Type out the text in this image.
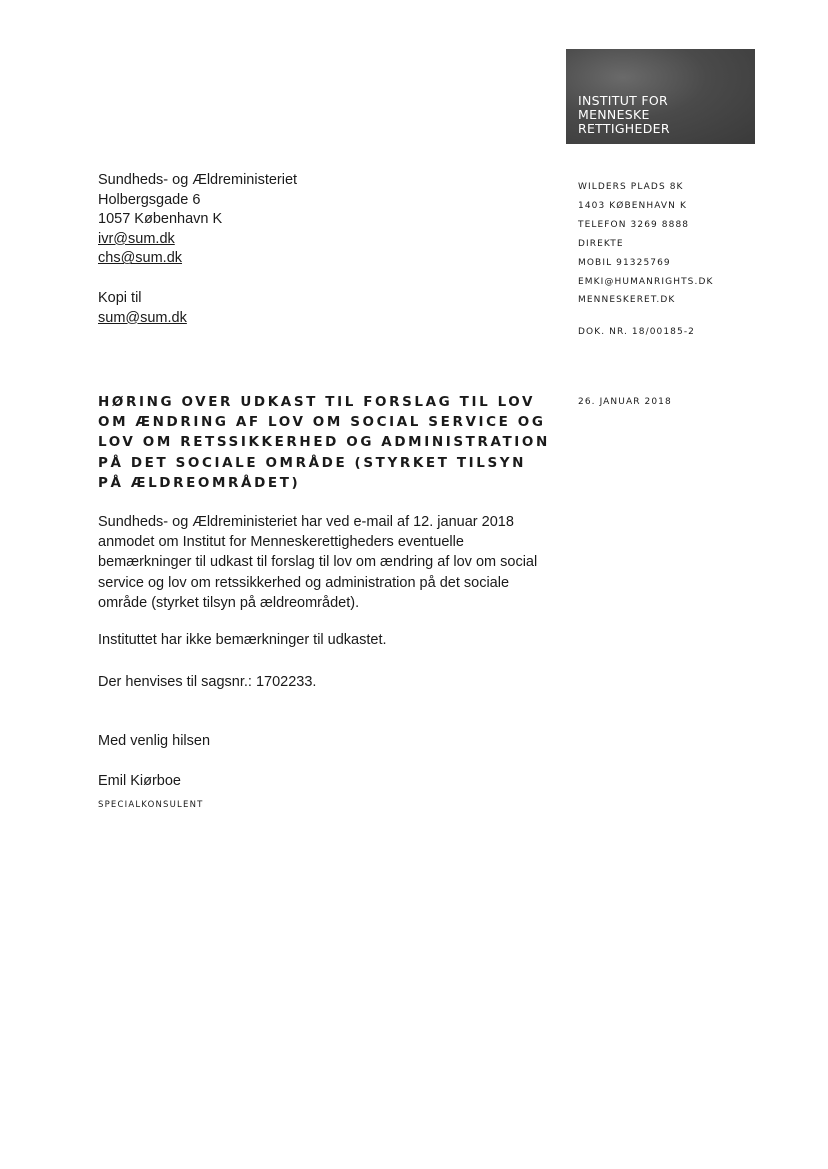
INSTITUT FOR
MENNESKE
RETTIGHEDER
Sundheds- og Ældreministeriet
Holbergsgade 6
1057 København K
ivr@sum.dk
chs@sum.dk
Kopi til
sum@sum.dk
WILDERS PLADS 8K
1403 KØBENHAVN K
TELEFON 3269 8888
DIREKTE
MOBIL 91325769
EMKI@HUMANRIGHTS.DK
MENNESKERET.DK
DOK. NR. 18/00185-2
26. JANUAR 2018
HØRING OVER UDKAST TIL FORSLAG TIL LOV OM ÆNDRING AF LOV OM SOCIAL SERVICE OG LOV OM RETSSIKKERHED OG ADMINISTRATION PÅ DET SOCIALE OMRÅDE (STYRKET TILSYN PÅ ÆLDREOMRÅDET)

Sundheds- og Ældreministeriet har ved e-mail af 12. januar 2018 anmodet om Institut for Menneskerettigheders eventuelle bemærkninger til udkast til forslag til lov om ændring af lov om social service og lov om retssikkerhed og administration på det sociale område (styrket tilsyn på ældreområdet).

Instituttet har ikke bemærkninger til udkastet.
Der henvises til sagsnr.: 1702233.
Med venlig hilsen
Emil Kiørboe
SPECIALKONSULENT
